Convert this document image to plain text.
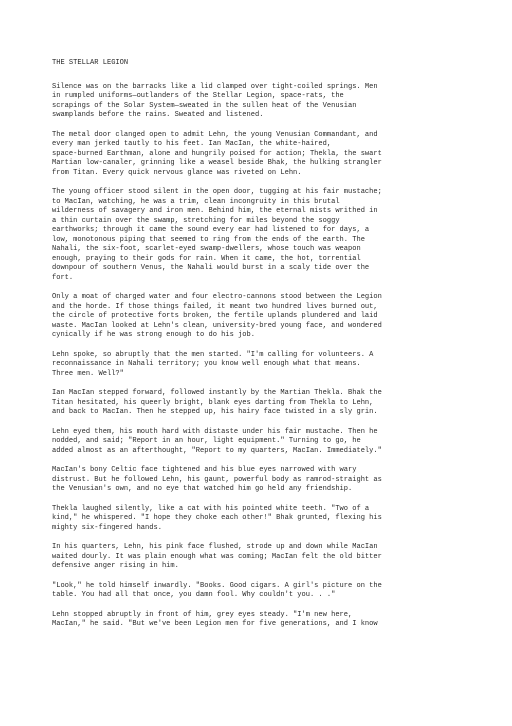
THE STELLAR LEGION
Silence was on the barracks like a lid clamped over tight-coiled springs. Men
in rumpled uniforms—outlanders of the Stellar Legion, space-rats, the
scrapings of the Solar System—sweated in the sullen heat of the Venusian
swamplands before the rains. Sweated and listened.
The metal door clanged open to admit Lehn, the young Venusian Commandant, and
every man jerked tautly to his feet. Ian MacIan, the white-haired,
space-burned Earthman, alone and hungrily poised for action; Thekla, the swart
Martian low-canaler, grinning like a weasel beside Bhak, the hulking strangler
from Titan. Every quick nervous glance was riveted on Lehn.
The young officer stood silent in the open door, tugging at his fair mustache;
to MacIan, watching, he was a trim, clean incongruity in this brutal
wilderness of savagery and iron men. Behind him, the eternal mists writhed in
a thin curtain over the swamp, stretching for miles beyond the soggy
earthworks; through it came the sound every ear had listened to for days, a
low, monotonous piping that seemed to ring from the ends of the earth. The
Nahali, the six-foot, scarlet-eyed swamp-dwellers, whose touch was weapon
enough, praying to their gods for rain. When it came, the hot, torrential
downpour of southern Venus, the Nahali would burst in a scaly tide over the
fort.
Only a moat of charged water and four electro-cannons stood between the Legion
and the horde. If those things failed, it meant two hundred lives burned out,
the circle of protective forts broken, the fertile uplands plundered and laid
waste. MacIan looked at Lehn's clean, university-bred young face, and wondered
cynically if he was strong enough to do his job.
Lehn spoke, so abruptly that the men started. "I'm calling for volunteers. A
reconnaissance in Nahali territory; you know well enough what that means.
Three men. Well?"
Ian MacIan stepped forward, followed instantly by the Martian Thekla. Bhak the
Titan hesitated, his queerly bright, blank eyes darting from Thekla to Lehn,
and back to MacIan. Then he stepped up, his hairy face twisted in a sly grin.
Lehn eyed them, his mouth hard with distaste under his fair mustache. Then he
nodded, and said; "Report in an hour, light equipment." Turning to go, he
added almost as an afterthought, "Report to my quarters, MacIan. Immediately."
MacIan's bony Celtic face tightened and his blue eyes narrowed with wary
distrust. But he followed Lehn, his gaunt, powerful body as ramrod-straight as
the Venusian's own, and no eye that watched him go held any friendship.
Thekla laughed silently, like a cat with his pointed white teeth. "Two of a
kind," he whispered. "I hope they choke each other!" Bhak grunted, flexing his
mighty six-fingered hands.
In his quarters, Lehn, his pink face flushed, strode up and down while MacIan
waited dourly. It was plain enough what was coming; MacIan felt the old bitter
defensive anger rising in him.
"Look," he told himself inwardly. "Books. Good cigars. A girl's picture on the
table. You had all that once, you damn fool. Why couldn't you. . ."
Lehn stopped abruptly in front of him, grey eyes steady. "I'm new here,
MacIan," he said. "But we've been Legion men for five generations, and I know
